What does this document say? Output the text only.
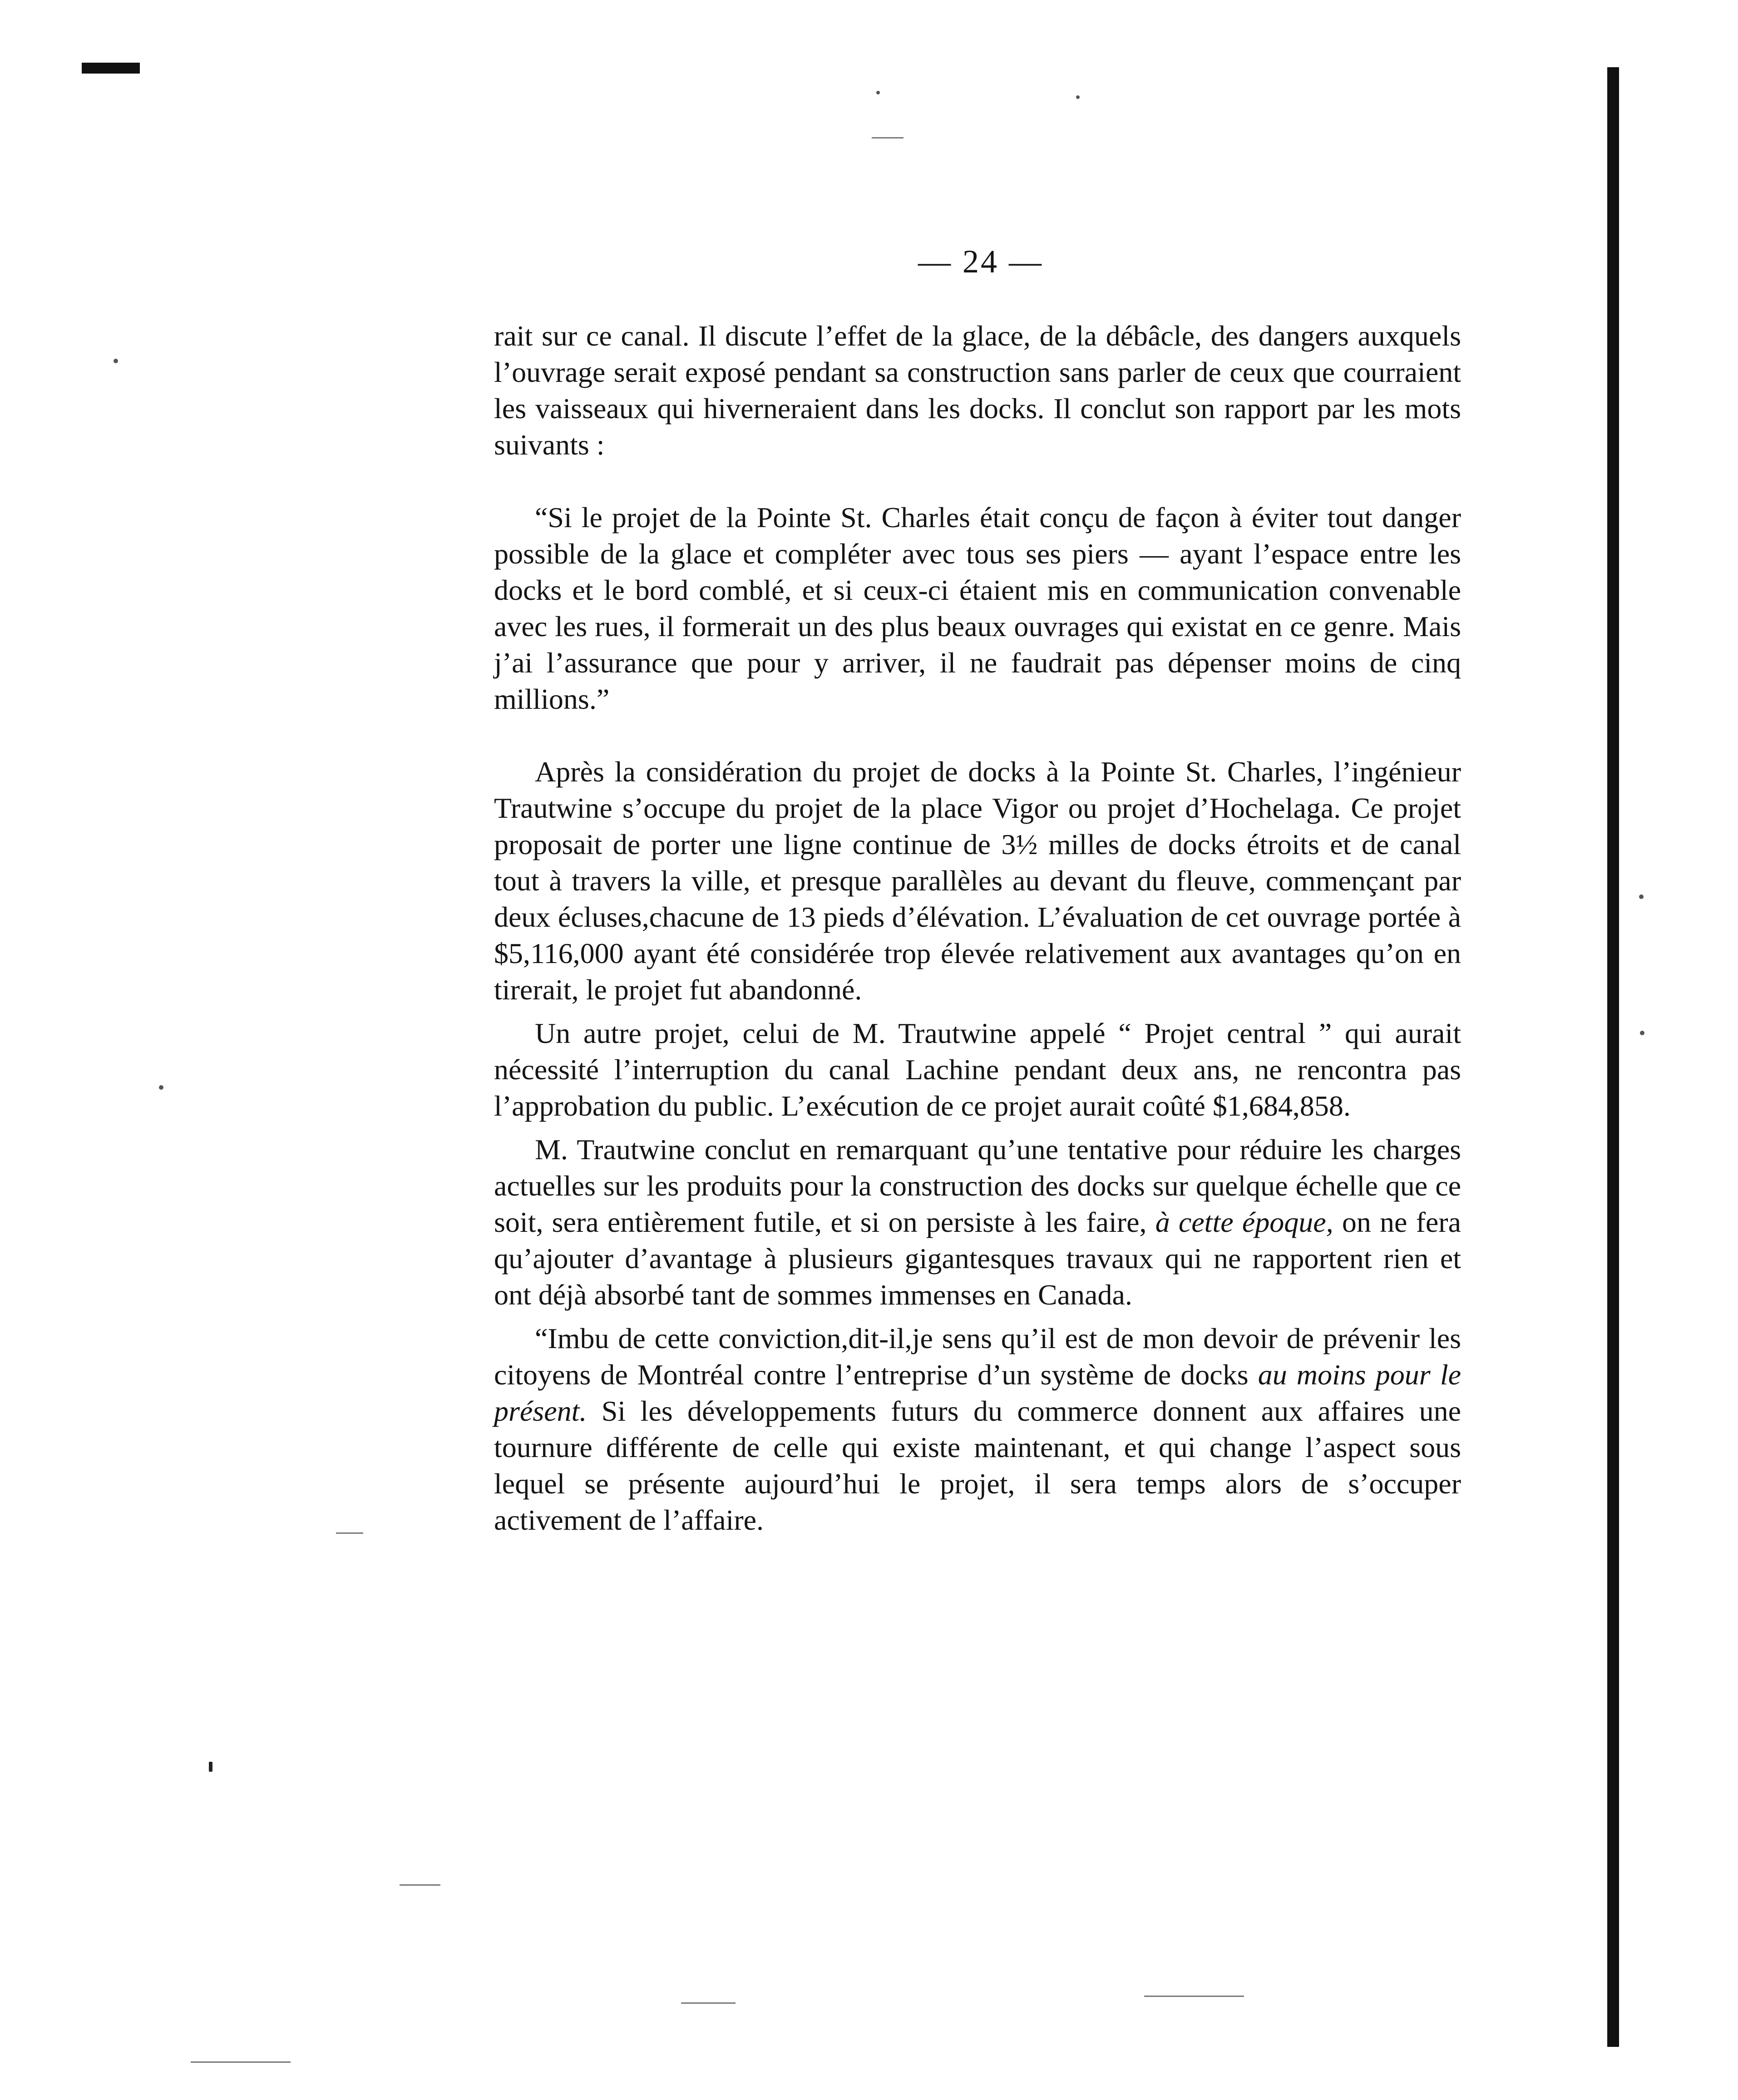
— 24 —

rait sur ce canal. Il discute l’effet de la glace, de la débâcle, des dangers auxquels l’ouvrage serait exposé pendant sa construction sans parler de ceux que courraient les vaisseaux qui hiverneraient dans les docks. Il conclut son rapport par les mots suivants :

“Si le projet de la Pointe St. Charles était conçu de façon à éviter tout danger possible de la glace et compléter avec tous ses piers — ayant l’espace entre les docks et le bord comblé, et si ceux-ci étaient mis en communication convenable avec les rues, il formerait un des plus beaux ouvrages qui existat en ce genre. Mais j’ai l’assurance que pour y arriver, il ne faudrait pas dépenser moins de cinq millions.”

Après la considération du projet de docks à la Pointe St. Charles, l’ingénieur Trautwine s’occupe du projet de la place Vigor ou projet d’Hochelaga. Ce projet proposait de porter une ligne continue de 3½ milles de docks étroits et de canal tout à travers la ville, et presque parallèles au devant du fleuve, commençant par deux écluses,chacune de 13 pieds d’élévation. L’évaluation de cet ouvrage portée à $5,116,000 ayant été considérée trop élevée relativement aux avantages qu’on en tirerait, le projet fut abandonné.

Un autre projet, celui de M. Trautwine appelé “ Projet central ” qui aurait nécessité l’interruption du canal Lachine pendant deux ans, ne rencontra pas l’approbation du public. L’exécution de ce projet aurait coûté $1,684,858.

M. Trautwine conclut en remarquant qu’une tentative pour réduire les charges actuelles sur les produits pour la construction des docks sur quelque échelle que ce soit, sera entièrement futile, et si on persiste à les faire, à cette époque, on ne fera qu’ajouter d’avantage à plusieurs gigantesques travaux qui ne rapportent rien et ont déjà absorbé tant de sommes immenses en Canada.

“Imbu de cette conviction,dit-il,je sens qu’il est de mon devoir de prévenir les citoyens de Montréal contre l’entreprise d’un système de docks au moins pour le présent. Si les développements futurs du commerce donnent aux affaires une tournure différente de celle qui existe maintenant, et qui change l’aspect sous lequel se présente aujourd’hui le projet, il sera temps alors de s’occuper activement de l’affaire.
